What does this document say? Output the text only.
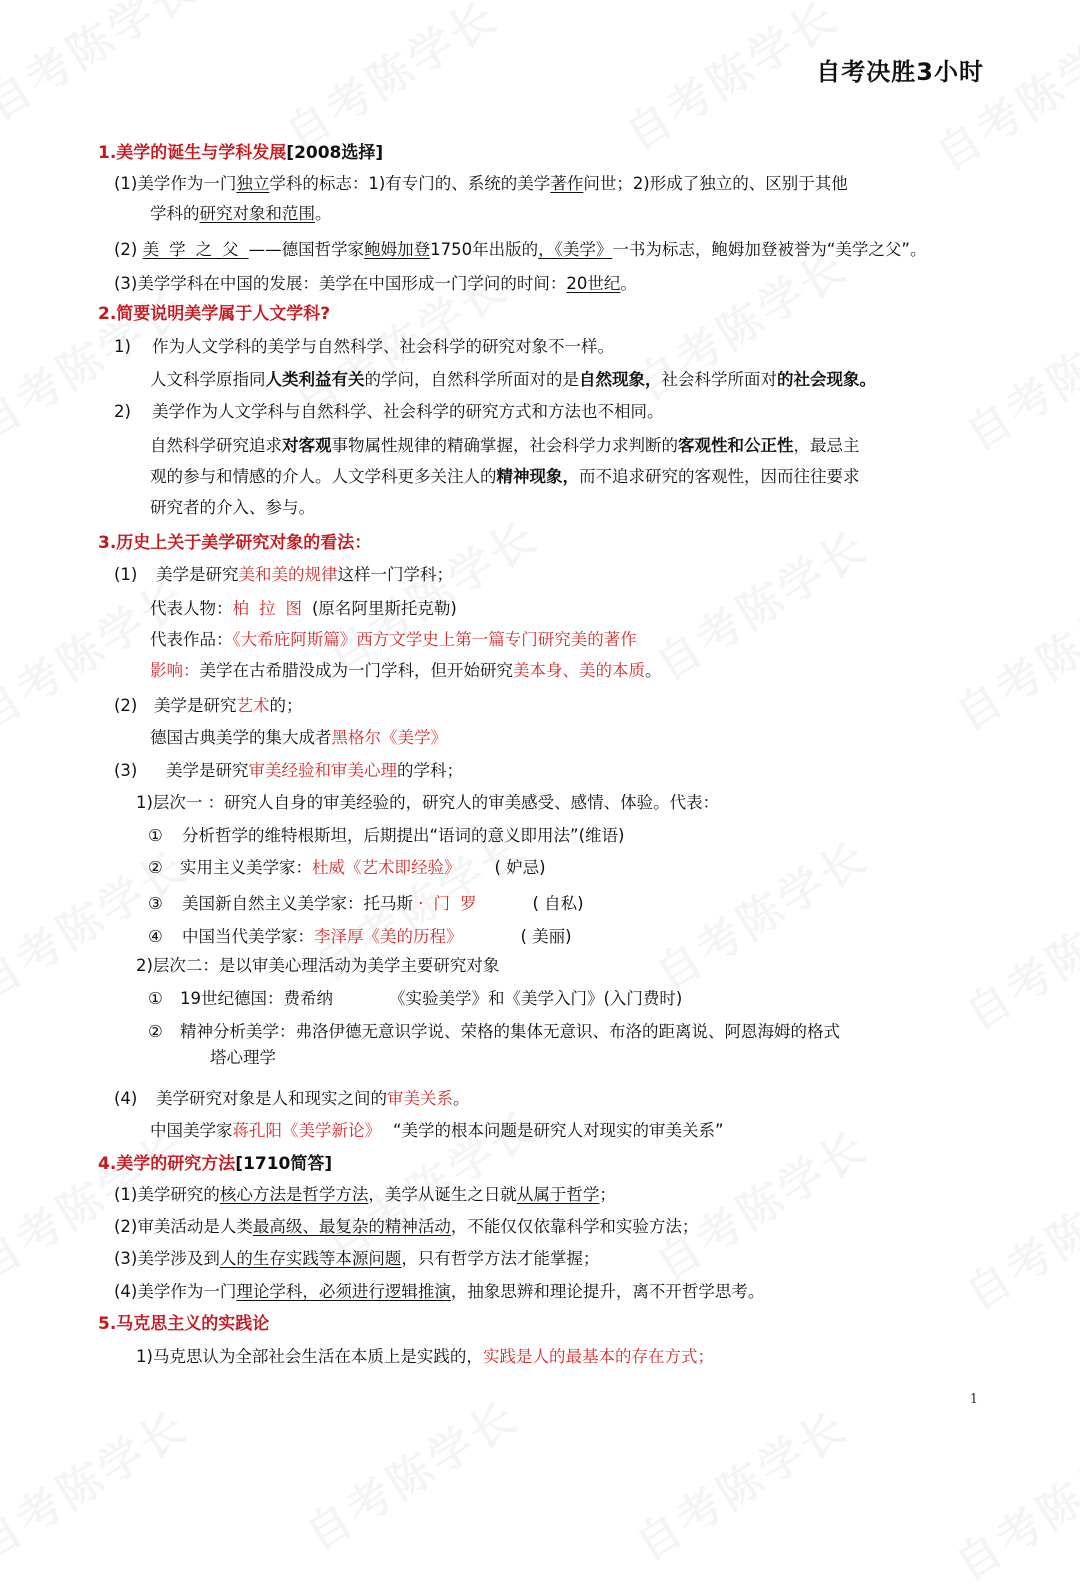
自考决胜3小时
1.美学的诞生与学科发展[2008选择]
(1)美学作为一门独立学科的标志：1)有专门的、系统的美学著作问世；2)形成了独立的、区别于其他
学科的研究对象和范围。
(2) 美学之父——德国哲学家鲍姆加登1750年出版的，《美学》一书为标志，鲍姆加登被誉为“美学之父”。
(3)美学学科在中国的发展：美学在中国形成一门学问的时间：20世纪。
2.简要说明美学属于人文学科?
1) 作为人文学科的美学与自然科学、社会科学的研究对象不一样。
人文科学原指同人类利益有关的学问，自然科学所面对的是自然现象，社会科学所面对的社会现象。
2) 美学作为人文学科与自然科学、社会科学的研究方式和方法也不相同。
自然科学研究追求对客观事物属性规律的精确掌握，社会科学力求判断的客观性和公正性，最忌主
观的参与和情感的介人。人文学科更多关注人的精神现象，而不追求研究的客观性，因而往往要求
研究者的介入、参与。
3.历史上关于美学研究对象的看法：
(1) 美学是研究美和美的规律这样一门学科；
代表人物：柏拉图(原名阿里斯托克勒)
代表作品：《大希庇阿斯篇》西方文学史上第一篇专门研究美的著作
影响：美学在古希腊没成为一门学科，但开始研究美本身、美的本质。
(2) 美学是研究艺术的；
德国古典美学的集大成者黑格尔《美学》
(3) 美学是研究审美经验和审美心理的学科；
1)层次一 ：研究人自身的审美经验的，研究人的审美感受、感情、体验。代表：
① 分析哲学的维特根斯坦，后期提出“语词的意义即用法”(维语)
② 实用主义美学家：杜威《艺术即经验》 ( 妒忌)
③ 美国新自然主义美学家：托马斯 ·门罗	( 自私)
④ 中国当代美学家：李泽厚《美的历程》	( 美丽)
2)层次二：是以审美心理活动为美学主要研究对象
① 19世纪德国：费希纳	《实验美学》和《美学入门》(入门费时)
② 精神分析美学：弗洛伊德无意识学说、荣格的集体无意识、布洛的距离说、阿恩海姆的格式
塔心理学
(4) 美学研究对象是人和现实之间的审美关系。
中国美学家蒋孔阳《美学新论》 “美学的根本问题是研究人对现实的审美关系”
4.美学的研究方法[1710简答]
(1)美学研究的核心方法是哲学方法，美学从诞生之日就从属于哲学；
(2)审美活动是人类最高级、最复杂的精神活动，不能仅仅依靠科学和实验方法；
(3)美学涉及到人的生存实践等本源问题，只有哲学方法才能掌握；
(4)美学作为一门理论学科，必须进行逻辑推演，抽象思辨和理论提升，离不开哲学思考。
5.马克思主义的实践论
1)马克思认为全部社会生活在本质上是实践的，实践是人的最基本的存在方式；
1
